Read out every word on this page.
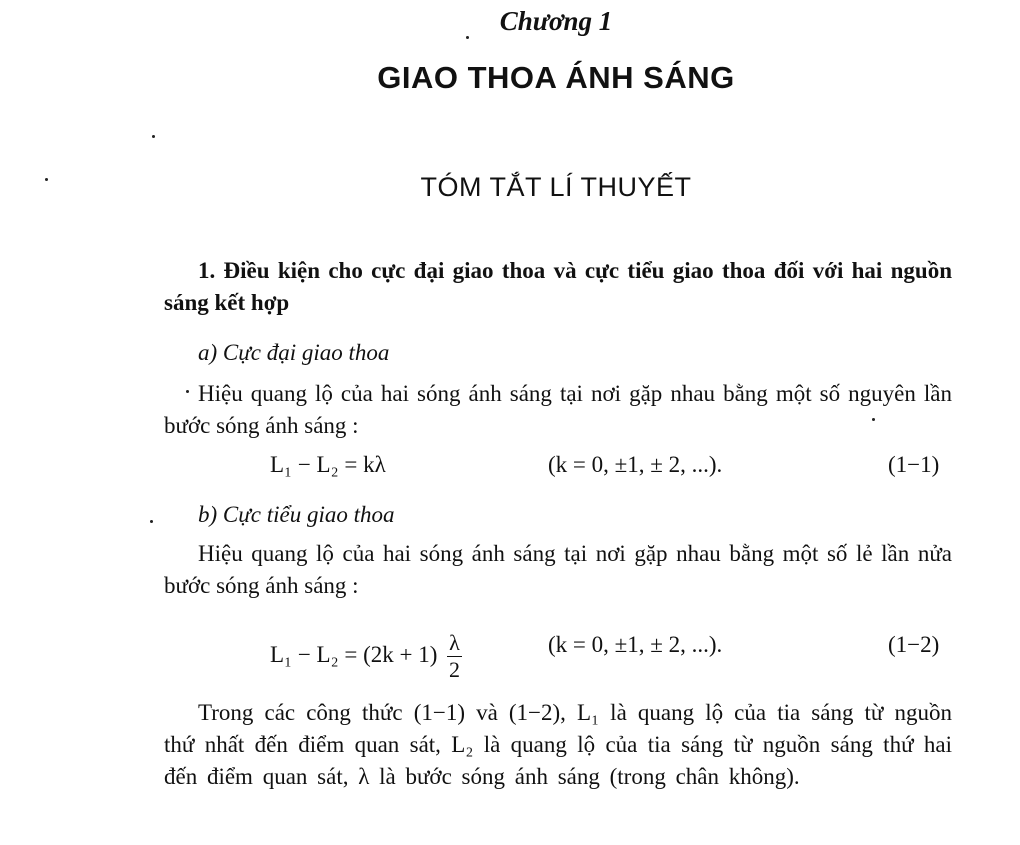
Chương 1
GIAO THOA ÁNH SÁNG
TÓM TẮT LÍ THUYẾT
1. Điều kiện cho cực đại giao thoa và cực tiểu giao thoa đối với hai nguồn sáng kết hợp
a) Cực đại giao thoa
Hiệu quang lộ của hai sóng ánh sáng tại nơi gặp nhau bằng một số nguyên lần bước sóng ánh sáng :
L₁ − L₂ = kλ	(k = 0, ±1, ± 2, ...).	(1−1)
b) Cực tiểu giao thoa
Hiệu quang lộ của hai sóng ánh sáng tại nơi gặp nhau bằng một số lẻ lần nửa bước sóng ánh sáng :
$L_1 - L_2 = (2k + 1) \frac{\lambda}{2}$	(k = 0, ±1, ± 2, ...).	(1−2)
Trong các công thức (1−1) và (1−2), L₁ là quang lộ của tia sáng từ nguồn thứ nhất đến điểm quan sát, L₂ là quang lộ của tia sáng từ nguồn sáng thứ hai đến điểm quan sát, λ là bước sóng ánh sáng (trong chân không).
